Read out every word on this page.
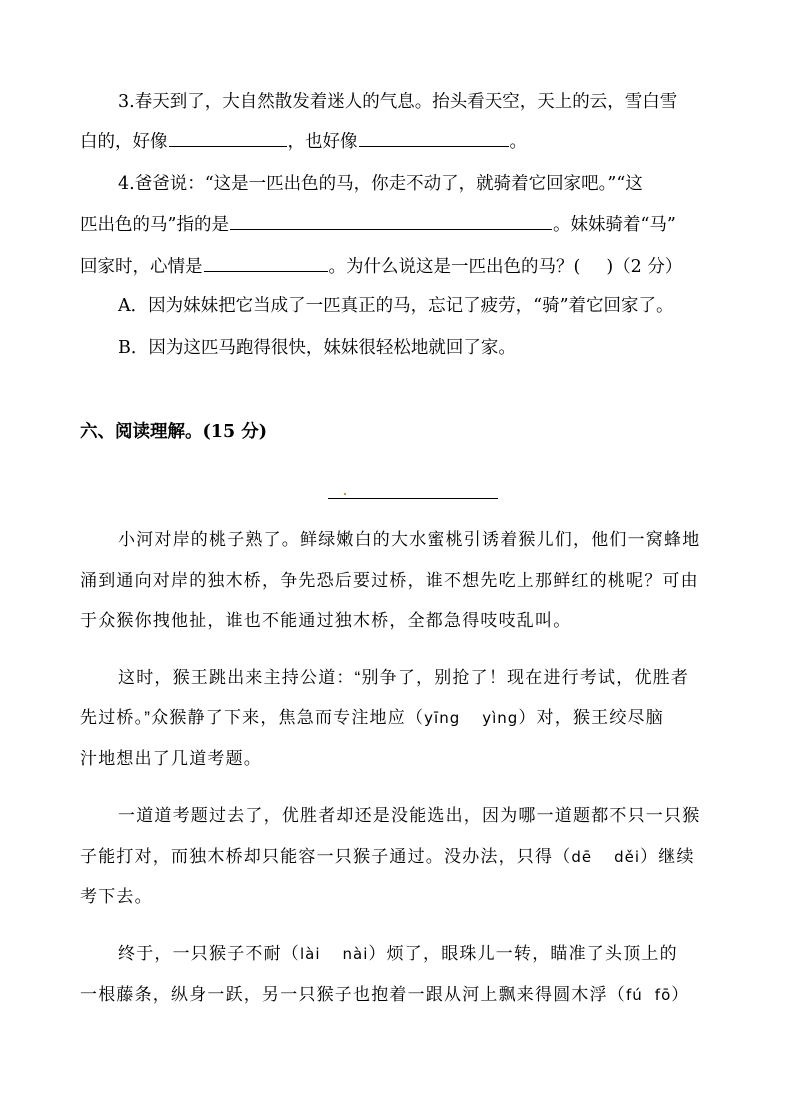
3.春天到了，大自然散发着迷人的气息。抬头看天空，天上的云，雪白雪
白的，好像	，也好像	。
4.爸爸说：“这是一匹出色的马，你走不动了，就骑着它回家吧。”“这
匹出色的马”指的是	。妹妹骑着“马”
回家时，心情是	。为什么说这是一匹出色的马？( )（2 分）
A．因为妹妹把它当成了一匹真正的马，忘记了疲劳，“骑”着它回家了。
B．因为这匹马跑得很快，妹妹很轻松地就回了家。
六、阅读理解。(15 分)
小河对岸的桃子熟了。鲜绿嫩白的大水蜜桃引诱着猴儿们，他们一窝蜂地
涌到通向对岸的独木桥，争先恐后要过桥，谁不想先吃上那鲜红的桃呢？可由
于众猴你拽他扯，谁也不能通过独木桥，全都急得吱吱乱叫。
这时，猴王跳出来主持公道：“别争了，别抢了！现在进行考试，优胜者
先过桥。”众猴静了下来，焦急而专注地应（yīng yìng）对，猴王绞尽脑
汁地想出了几道考题。
一道道考题过去了，优胜者却还是没能选出，因为哪一道题都不只一只猴
子能打对，而独木桥却只能容一只猴子通过。没办法，只得（dē děi）继续
考下去。
终于，一只猴子不耐（lài nài）烦了，眼珠儿一转，瞄准了头顶上的
一根藤条，纵身一跃，另一只猴子也抱着一跟从河上飘来得圆木浮（fú fō）
